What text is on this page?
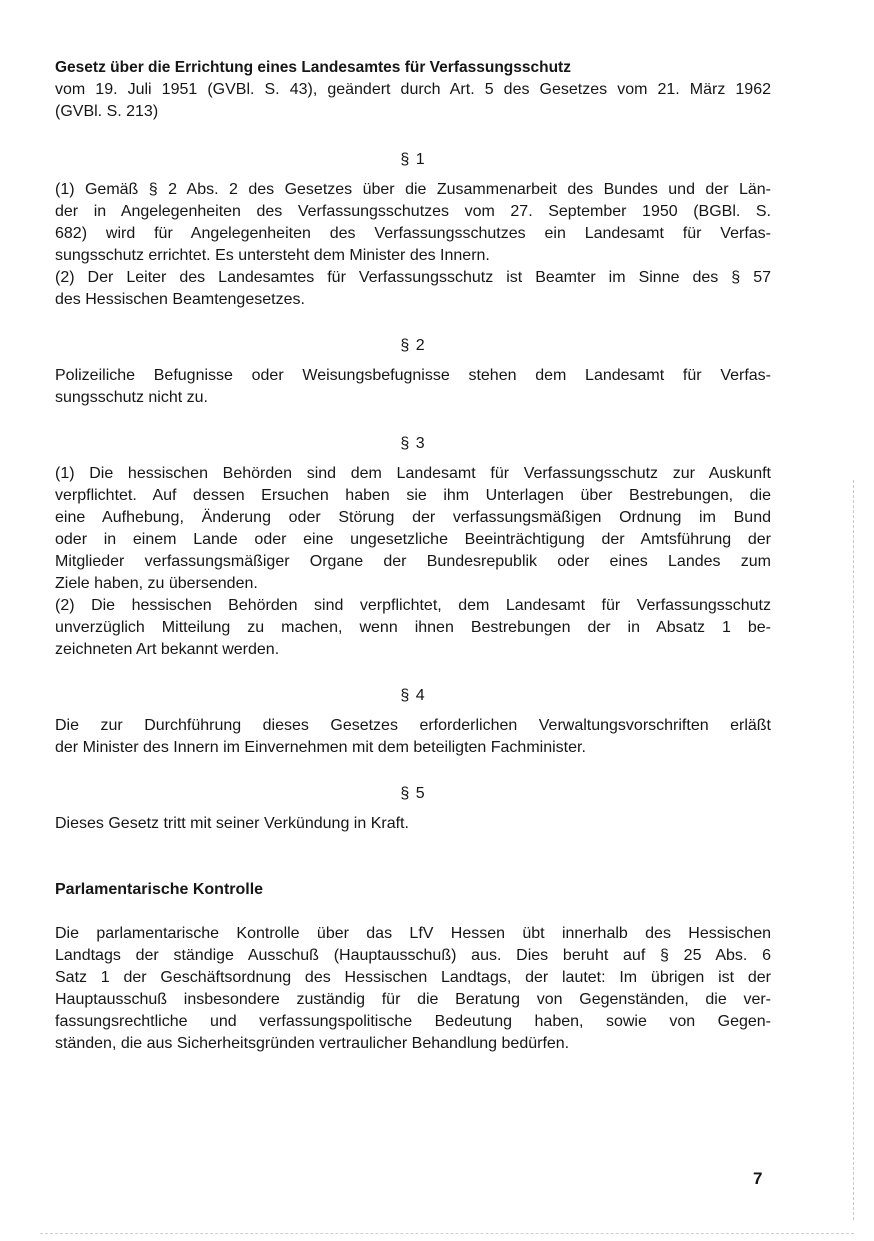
Gesetz über die Errichtung eines Landesamtes für Verfassungsschutz
vom 19. Juli 1951 (GVBl. S. 43), geändert durch Art. 5 des Gesetzes vom 21. März 1962
(GVBl. S. 213)
§ 1
(1) Gemäß § 2 Abs. 2 des Gesetzes über die Zusammenarbeit des Bundes und der Län-
der in Angelegenheiten des Verfassungsschutzes vom 27. September 1950 (BGBl. S.
682) wird für Angelegenheiten des Verfassungsschutzes ein Landesamt für Verfas-
sungsschutz errichtet. Es untersteht dem Minister des Innern.
(2) Der Leiter des Landesamtes für Verfassungsschutz ist Beamter im Sinne des § 57
des Hessischen Beamtengesetzes.
§ 2
Polizeiliche Befugnisse oder Weisungsbefugnisse stehen dem Landesamt für Verfas-
sungsschutz nicht zu.
§ 3
(1) Die hessischen Behörden sind dem Landesamt für Verfassungsschutz zur Auskunft
verpflichtet. Auf dessen Ersuchen haben sie ihm Unterlagen über Bestrebungen, die
eine Aufhebung, Änderung oder Störung der verfassungsmäßigen Ordnung im Bund
oder in einem Lande oder eine ungesetzliche Beeinträchtigung der Amtsführung der
Mitglieder verfassungsmäßiger Organe der Bundesrepublik oder eines Landes zum
Ziele haben, zu übersenden.
(2) Die hessischen Behörden sind verpflichtet, dem Landesamt für Verfassungsschutz
unverzüglich Mitteilung zu machen, wenn ihnen Bestrebungen der in Absatz 1 be-
zeichneten Art bekannt werden.
§ 4
Die zur Durchführung dieses Gesetzes erforderlichen Verwaltungsvorschriften erläßt
der Minister des Innern im Einvernehmen mit dem beteiligten Fachminister.
§ 5
Dieses Gesetz tritt mit seiner Verkündung in Kraft.
Parlamentarische Kontrolle
Die parlamentarische Kontrolle über das LfV Hessen übt innerhalb des Hessischen
Landtags der ständige Ausschuß (Hauptausschuß) aus. Dies beruht auf § 25 Abs. 6
Satz 1 der Geschäftsordnung des Hessischen Landtags, der lautet: Im übrigen ist der
Hauptausschuß insbesondere zuständig für die Beratung von Gegenständen, die ver-
fassungsrechtliche und verfassungspolitische Bedeutung haben, sowie von Gegen-
ständen, die aus Sicherheitsgründen vertraulicher Behandlung bedürfen.
7
